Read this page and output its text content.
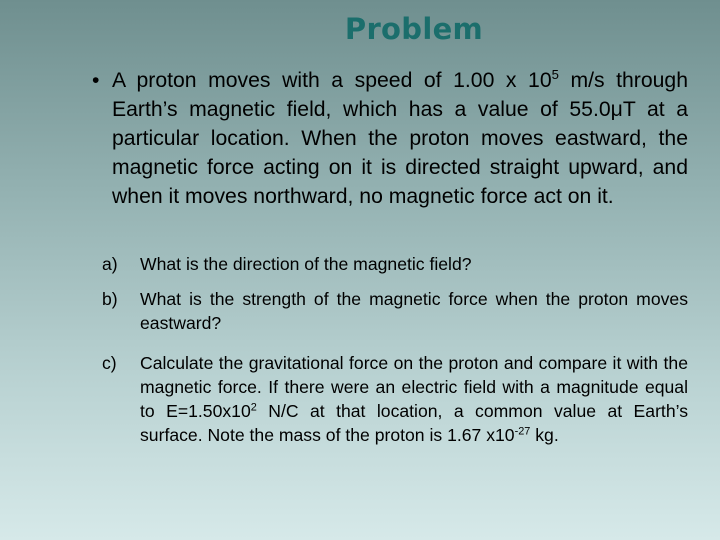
Problem
• A proton moves with a speed of 1.00 x $10^5$ m/s through Earth’s magnetic field, which has a value of 55.0μT at a particular location. When the proton moves eastward, the magnetic force acting on it is directed straight upward, and when it moves northward, no magnetic force act on it.
a) What is the direction of the magnetic field?
b) What is the strength of the magnetic force when the proton moves eastward?
c) Calculate the gravitational force on the proton and compare it with the magnetic force. If there were an electric field with a magnitude equal to $E=1.50x10^2$ N/C at that location, a common value at Earth’s surface. Note the mass of the proton is 1.67 $x10^{-27}$ kg.
